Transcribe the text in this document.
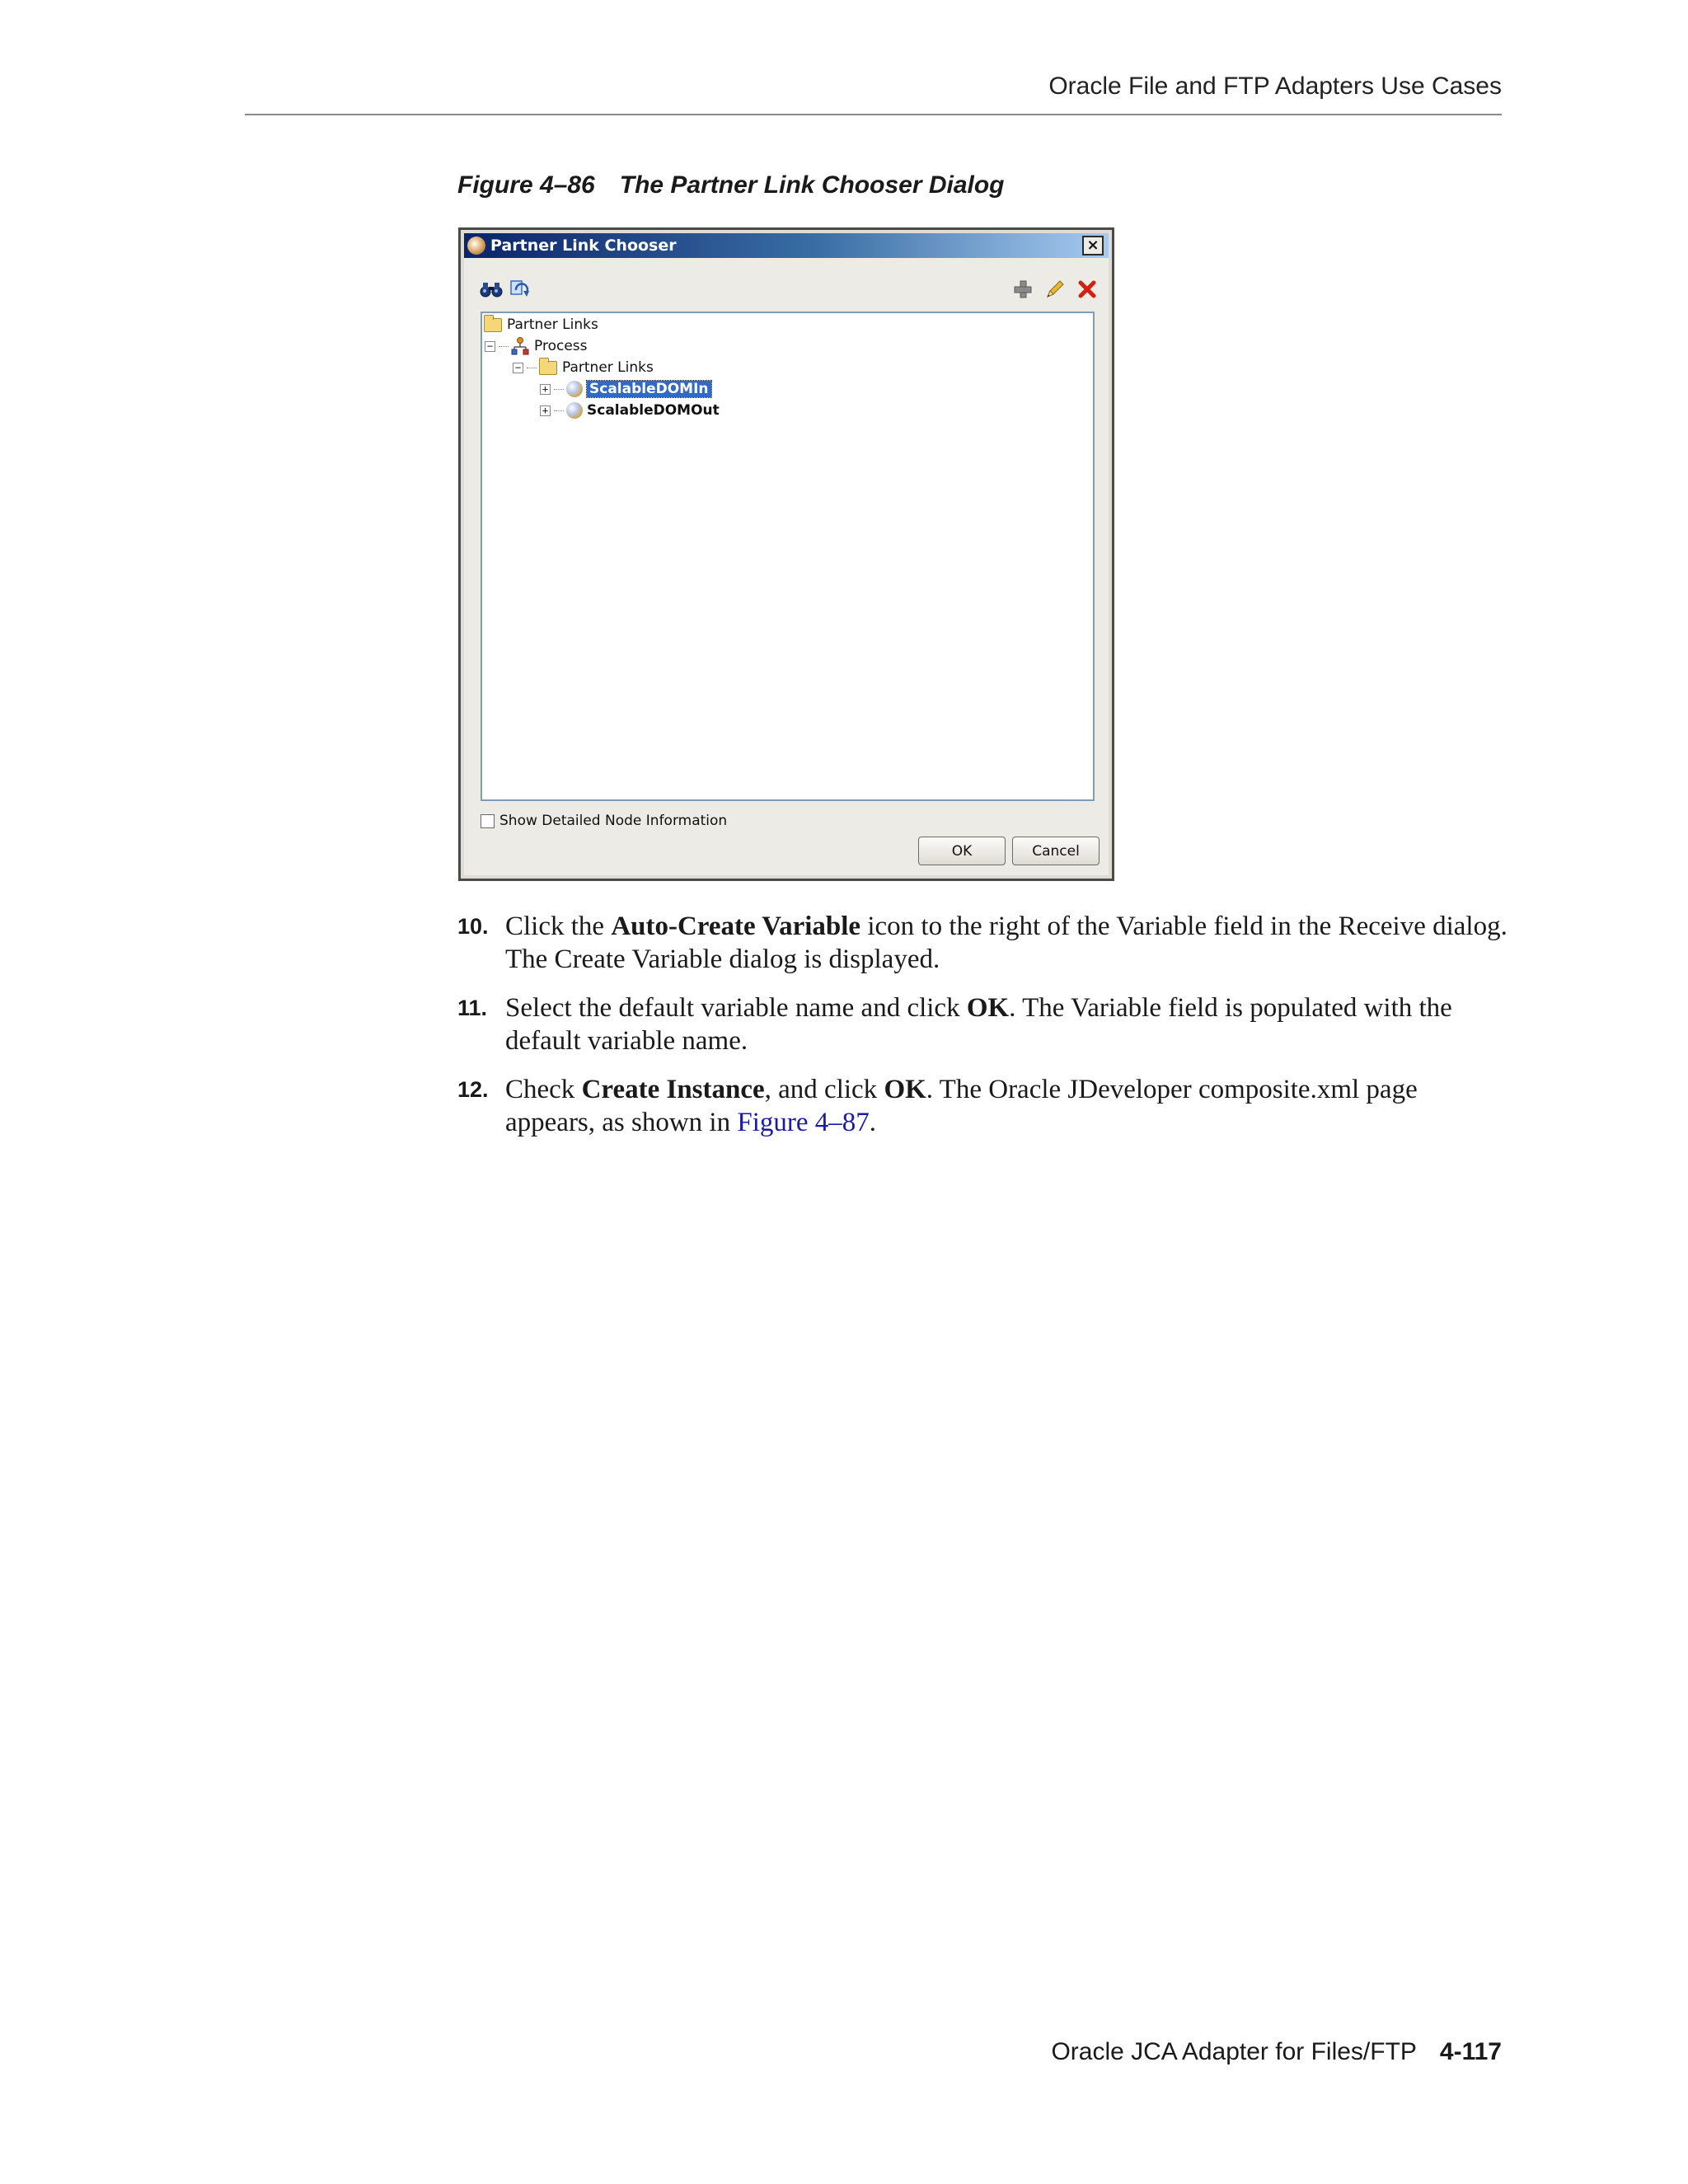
Oracle File and FTP Adapters Use Cases
Figure 4–86 The Partner Link Chooser Dialog
Partner Link Chooser	×
Partner Links
−	Process
−	Partner Links
+	ScalableDOMIn
+	ScalableDOMOut
Show Detailed Node Information
OK	Cancel
10. Click the Auto-Create Variable icon to the right of the Variable field in the Receive dialog. The Create Variable dialog is displayed.
11. Select the default variable name and click OK. The Variable field is populated with the default variable name.
12. Check Create Instance, and click OK. The Oracle JDeveloper composite.xml page appears, as shown in Figure 4–87.
Oracle JCA Adapter for Files/FTP 4-117
